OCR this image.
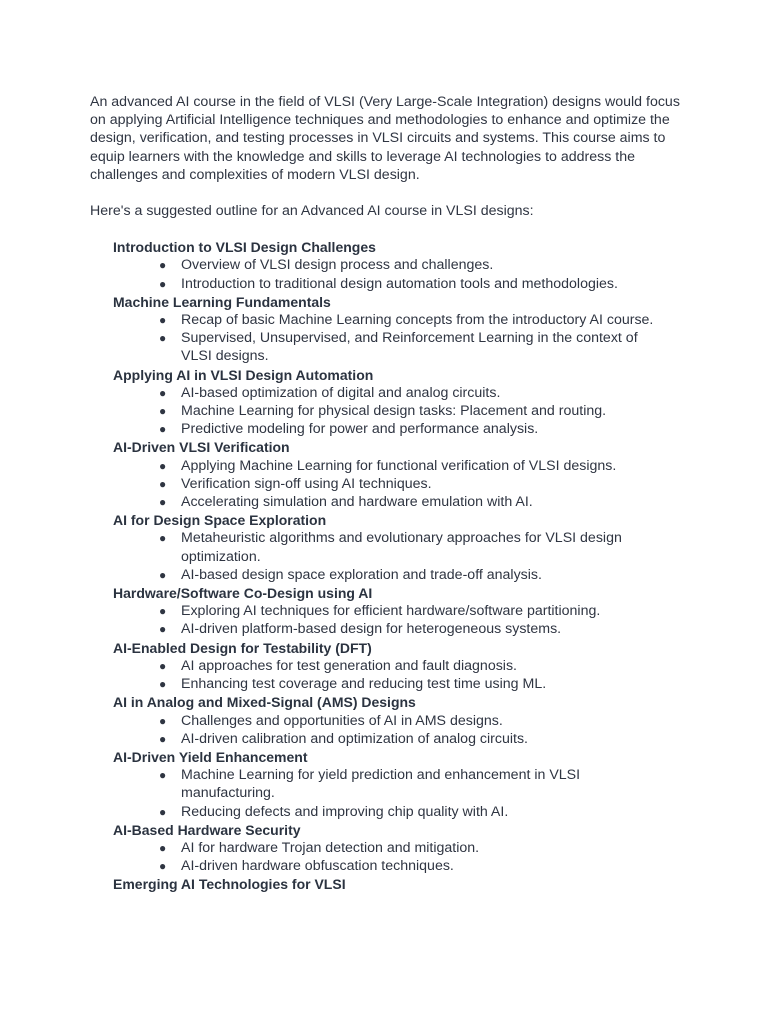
An advanced AI course in the field of VLSI (Very Large-Scale Integration) designs would focus on applying Artificial Intelligence techniques and methodologies to enhance and optimize the design, verification, and testing processes in VLSI circuits and systems. This course aims to equip learners with the knowledge and skills to leverage AI technologies to address the challenges and complexities of modern VLSI design.

Here's a suggested outline for an Advanced AI course in VLSI designs:

Introduction to VLSI Design Challenges
● Overview of VLSI design process and challenges.
● Introduction to traditional design automation tools and methodologies.
Machine Learning Fundamentals
● Recap of basic Machine Learning concepts from the introductory AI course.
● Supervised, Unsupervised, and Reinforcement Learning in the context of VLSI designs.
Applying AI in VLSI Design Automation
● AI-based optimization of digital and analog circuits.
● Machine Learning for physical design tasks: Placement and routing.
● Predictive modeling for power and performance analysis.
AI-Driven VLSI Verification
● Applying Machine Learning for functional verification of VLSI designs.
● Verification sign-off using AI techniques.
● Accelerating simulation and hardware emulation with AI.
AI for Design Space Exploration
● Metaheuristic algorithms and evolutionary approaches for VLSI design optimization.
● AI-based design space exploration and trade-off analysis.
Hardware/Software Co-Design using AI
● Exploring AI techniques for efficient hardware/software partitioning.
● AI-driven platform-based design for heterogeneous systems.
AI-Enabled Design for Testability (DFT)
● AI approaches for test generation and fault diagnosis.
● Enhancing test coverage and reducing test time using ML.
AI in Analog and Mixed-Signal (AMS) Designs
● Challenges and opportunities of AI in AMS designs.
● AI-driven calibration and optimization of analog circuits.
AI-Driven Yield Enhancement
● Machine Learning for yield prediction and enhancement in VLSI manufacturing.
● Reducing defects and improving chip quality with AI.
AI-Based Hardware Security
● AI for hardware Trojan detection and mitigation.
● AI-driven hardware obfuscation techniques.
Emerging AI Technologies for VLSI
